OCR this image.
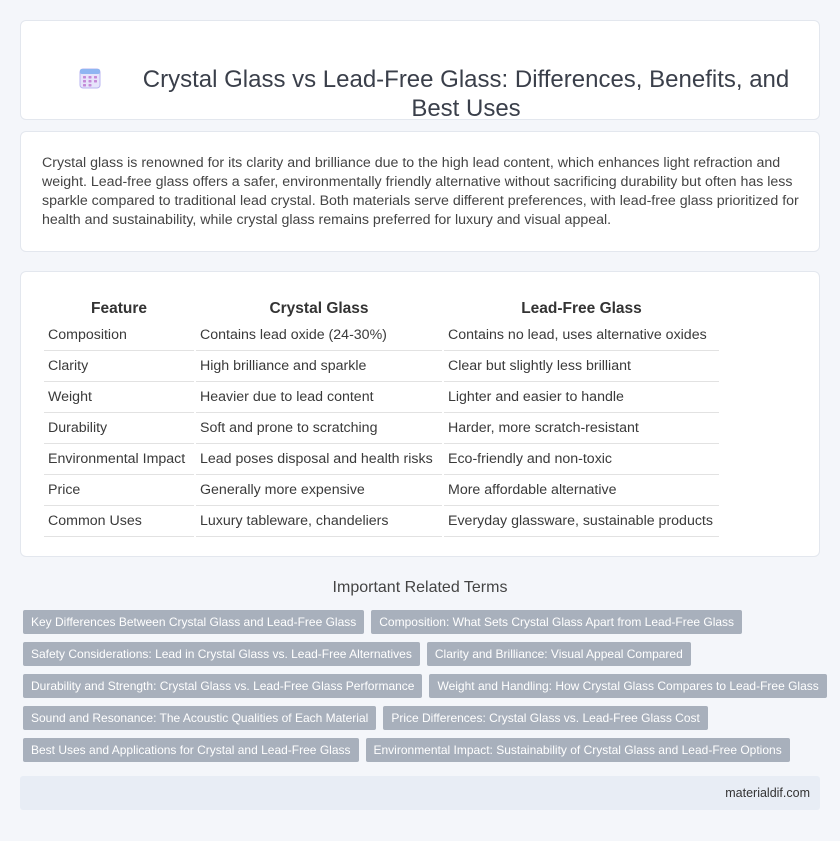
Crystal Glass vs Lead-Free Glass: Differences, Benefits, and Best Uses

Crystal glass is renowned for its clarity and brilliance due to the high lead content, which enhances light refraction and weight. Lead-free glass offers a safer, environmentally friendly alternative without sacrificing durability but often has less sparkle compared to traditional lead crystal. Both materials serve different preferences, with lead-free glass prioritized for health and sustainability, while crystal glass remains preferred for luxury and visual appeal.

Feature	Crystal Glass	Lead-Free Glass
Composition	Contains lead oxide (24-30%)	Contains no lead, uses alternative oxides
Clarity	High brilliance and sparkle	Clear but slightly less brilliant
Weight	Heavier due to lead content	Lighter and easier to handle
Durability	Soft and prone to scratching	Harder, more scratch-resistant
Environmental Impact	Lead poses disposal and health risks	Eco-friendly and non-toxic
Price	Generally more expensive	More affordable alternative
Common Uses	Luxury tableware, chandeliers	Everyday glassware, sustainable products
Important Related Terms
Key Differences Between Crystal Glass and Lead-Free Glass	Composition: What Sets Crystal Glass Apart from Lead-Free Glass
Safety Considerations: Lead in Crystal Glass vs. Lead-Free Alternatives	Clarity and Brilliance: Visual Appeal Compared
Durability and Strength: Crystal Glass vs. Lead-Free Glass Performance	Weight and Handling: How Crystal Glass Compares to Lead-Free Glass
Sound and Resonance: The Acoustic Qualities of Each Material	Price Differences: Crystal Glass vs. Lead-Free Glass Cost
Best Uses and Applications for Crystal and Lead-Free Glass	Environmental Impact: Sustainability of Crystal Glass and Lead-Free Options
materialdif.com
